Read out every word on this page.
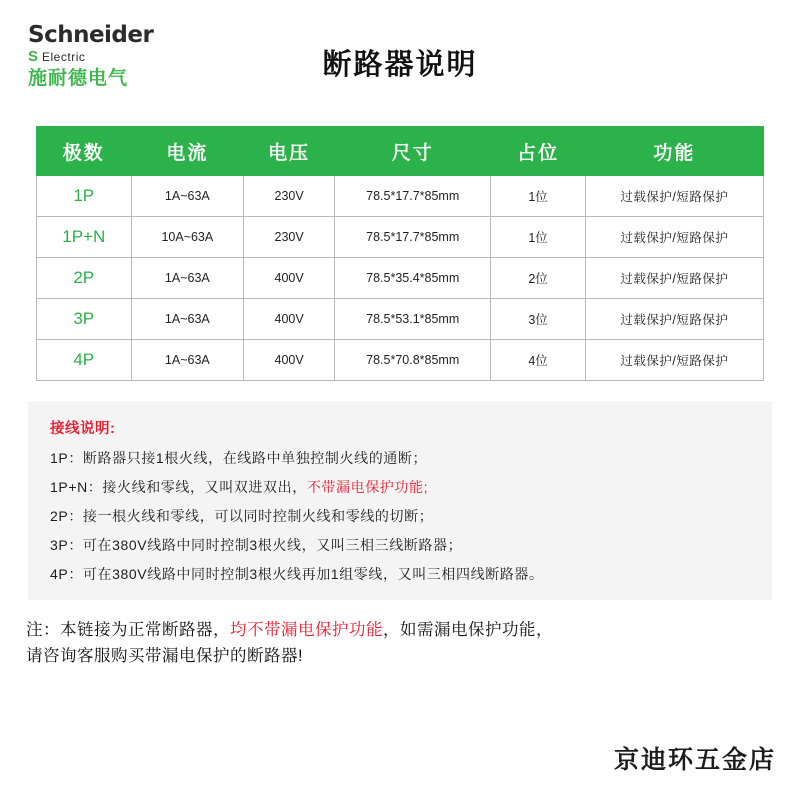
Schneider
S Electric
施耐德电气	断路器说明
极数	电流	电压	尺寸	占位	功能
1P	1A~63A	230V	78.5*17.7*85mm	1位	过载保护/短路保护
1P+N	10A~63A	230V	78.5*17.7*85mm	1位	过载保护/短路保护
2P	1A~63A	400V	78.5*35.4*85mm	2位	过载保护/短路保护
3P	1A~63A	400V	78.5*53.1*85mm	3位	过载保护/短路保护
4P	1A~63A	400V	78.5*70.8*85mm	4位	过载保护/短路保护
接线说明:

1P：断路器只接1根火线，在线路中单独控制火线的通断；

1P+N：接火线和零线，又叫双进双出，不带漏电保护功能;

2P：接一根火线和零线，可以同时控制火线和零线的切断；

3P：可在380V线路中同时控制3根火线，又叫三相三线断路器；

4P：可在380V线路中同时控制3根火线再加1组零线，又叫三相四线断路器。

注：本链接为正常断路器，均不带漏电保护功能，如需漏电保护功能，
请咨询客服购买带漏电保护的断路器!
京迪环五金店
